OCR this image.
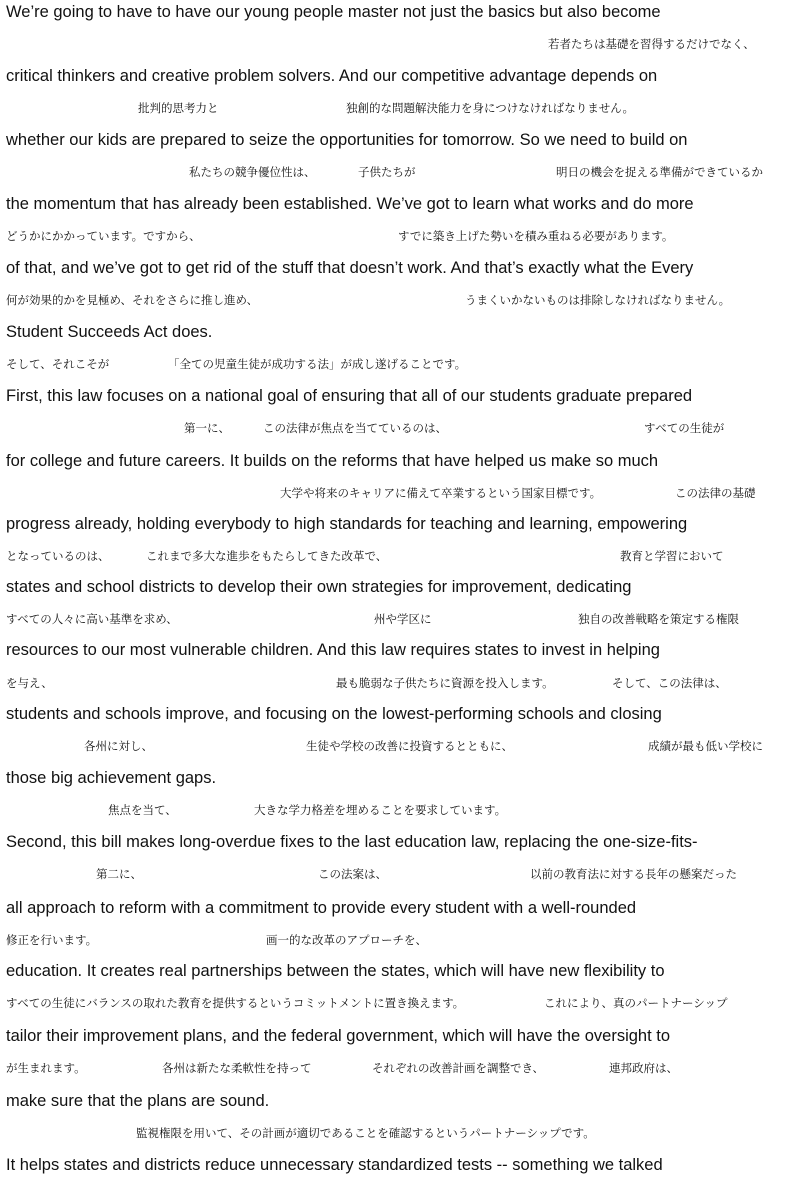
We’re going to have to have our young people master not just the basics but also become
若者たちは基礎を習得するだけでなく、
critical thinkers and creative problem solvers. And our competitive advantage depends on
批判的思考力と	独創的な問題解決能力を身につけなければなりません。
whether our kids are prepared to seize the opportunities for tomorrow. So we need to build on
私たちの競争優位性は、	子供たちが	明日の機会を捉える準備ができているか
the momentum that has already been established. We’ve got to learn what works and do more
どうかにかかっています。ですから、	すでに築き上げた勢いを積み重ねる必要があります。
of that, and we’ve got to get rid of the stuff that doesn’t work. And that’s exactly what the Every
何が効果的かを見極め、それをさらに推し進め、	うまくいかないものは排除しなければなりません。
Student Succeeds Act does.
そして、それこそが	「全ての児童生徒が成功する法」が成し遂げることです。
First, this law focuses on a national goal of ensuring that all of our students graduate prepared
第一に、	この法律が焦点を当てているのは、	すべての生徒が
for college and future careers. It builds on the reforms that have helped us make so much
大学や将来のキャリアに備えて卒業するという国家目標です。	この法律の基礎
progress already, holding everybody to high standards for teaching and learning, empowering
となっているのは、	これまで多大な進歩をもたらしてきた改革で、	教育と学習において
states and school districts to develop their own strategies for improvement, dedicating
すべての人々に高い基準を求め、	州や学区に	独自の改善戦略を策定する権限
resources to our most vulnerable children. And this law requires states to invest in helping
を与え、	最も脆弱な子供たちに資源を投入します。	そして、この法律は、
students and schools improve, and focusing on the lowest-performing schools and closing
各州に対し、	生徒や学校の改善に投資するとともに、	成績が最も低い学校に
those big achievement gaps.
焦点を当て、	大きな学力格差を埋めることを要求しています。
Second, this bill makes long-overdue fixes to the last education law, replacing the one-size-fits-
第二に、	この法案は、	以前の教育法に対する長年の懸案だった
all approach to reform with a commitment to provide every student with a well-rounded
修正を行います。	画一的な改革のアプローチを、
education. It creates real partnerships between the states, which will have new flexibility to
すべての生徒にバランスの取れた教育を提供するというコミットメントに置き換えます。	これにより、真のパートナーシップ
tailor their improvement plans, and the federal government, which will have the oversight to
が生まれます。	各州は新たな柔軟性を持って	それぞれの改善計画を調整でき、	連邦政府は、
make sure that the plans are sound.
監視権限を用いて、その計画が適切であることを確認するというパートナーシップです。
It helps states and districts reduce unnecessary standardized tests -- something we talked
